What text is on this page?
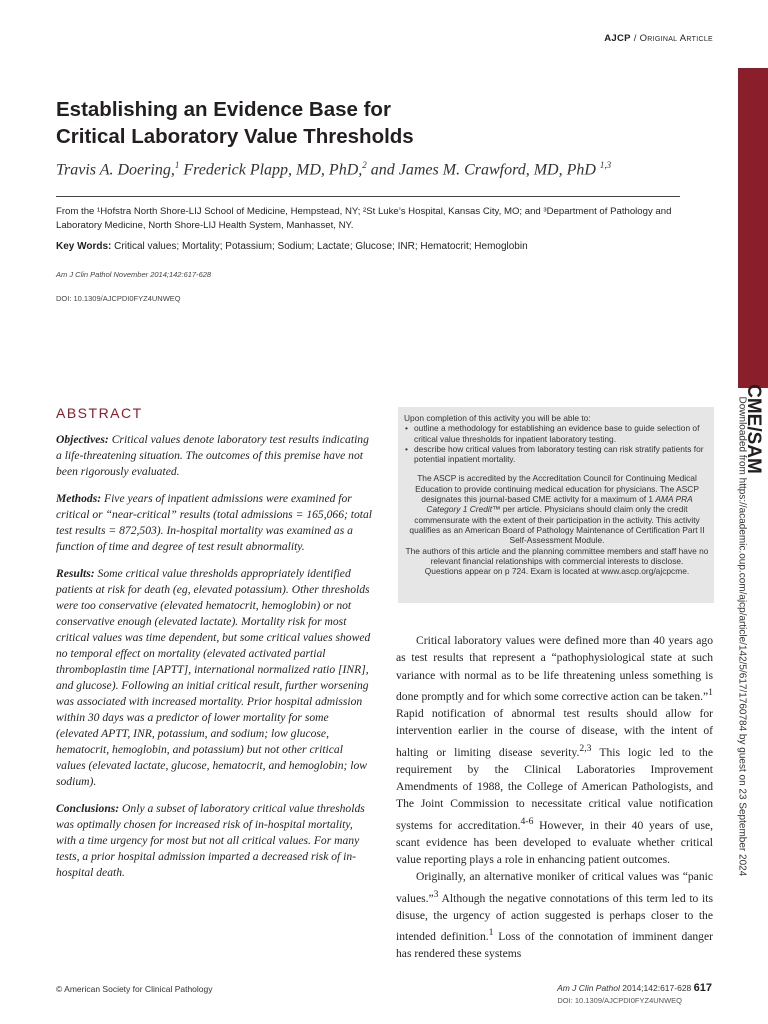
AJCP / Original Article
CME/SAM
Downloaded from https://academic.oup.com/ajcp/article/142/5/617/1760784 by guest on 23 September 2024
Establishing an Evidence Base for
Critical Laboratory Value Thresholds
Travis A. Doering,$^1$ Frederick Plapp, MD, PhD,$^2$ and James M. Crawford, MD, PhD $^{1,3}$
From the ¹Hofstra North Shore-LIJ School of Medicine, Hempstead, NY; ²St Luke’s Hospital, Kansas City, MO; and ³Department of Pathology and Laboratory Medicine, North Shore-LIJ Health System, Manhasset, NY.
Key Words: Critical values; Mortality; Potassium; Sodium; Lactate; Glucose; INR; Hematocrit; Hemoglobin
Am J Clin Pathol November 2014;142:617-628
DOI: 10.1309/AJCPDI0FYZ4UNWEQ
ABSTRACT

Objectives: Critical values denote laboratory test results indicating a life-threatening situation. The outcomes of this premise have not been rigorously evaluated.

Methods: Five years of inpatient admissions were examined for critical or “near-critical” results (total admissions = 165,066; total test results = 872,503). In-hospital mortality was examined as a function of time and degree of test result abnormality.

Results: Some critical value thresholds appropriately identified patients at risk for death (eg, elevated potassium). Other thresholds were too conservative (elevated hematocrit, hemoglobin) or not conservative enough (elevated lactate). Mortality risk for most critical values was time dependent, but some critical values showed no temporal effect on mortality (elevated activated partial thromboplastin time [APTT], international normalized ratio [INR], and glucose). Following an initial critical result, further worsening was associated with increased mortality. Prior hospital admission within 30 days was a predictor of lower mortality for some (elevated APTT, INR, potassium, and sodium; low glucose, hematocrit, hemoglobin, and potassium) but not other critical values (elevated lactate, glucose, hematocrit, and hemoglobin; low sodium).

Conclusions: Only a subset of laboratory critical value thresholds was optimally chosen for increased risk of in-hospital mortality, with a time urgency for most but not all critical values. For many tests, a prior hospital admission imparted a decreased risk of in-hospital death.

Upon completion of this activity you will be able to:

• outline a methodology for establishing an evidence base to guide selection of critical value thresholds for inpatient laboratory testing.
• describe how critical values from laboratory testing can risk stratify patients for potential inpatient mortality.

The ASCP is accredited by the Accreditation Council for Continuing Medical Education to provide continuing medical education for physicians. The ASCP designates this journal-based CME activity for a maximum of 1 AMA PRA Category 1 Credit™ per article. Physicians should claim only the credit commensurate with the extent of their participation in the activity. This activity qualifies as an American Board of Pathology Maintenance of Certification Part II Self-Assessment Module.

The authors of this article and the planning committee members and staff have no relevant financial relationships with commercial interests to disclose.

Questions appear on p 724. Exam is located at www.ascp.org/ajcpcme.

Critical laboratory values were defined more than 40 years ago as test results that represent a “pathophysiological state at such variance with normal as to be life threatening unless something is done promptly and for which some corrective action can be taken.”$^1$ Rapid notification of abnormal test results should allow for intervention earlier in the course of disease, with the intent of halting or limiting disease severity.$^{2,3}$ This logic led to the requirement by the Clinical Laboratories Improvement Amendments of 1988, the College of American Pathologists, and The Joint Commission to necessitate critical value notification systems for accreditation.$^{4-6}$ However, in their 40 years of use, scant evidence has been developed to evaluate whether critical value reporting plays a role in enhancing patient outcomes.

Originally, an alternative moniker of critical values was “panic values.”$^3$ Although the negative connotations of this term led to its disuse, the urgency of action suggested is perhaps closer to the intended definition.$^1$ Loss of the connotation of imminent danger has rendered these systems

© American Society for Clinical Pathology	Am J Clin Pathol 2014;142:617-628 617
DOI: 10.1309/AJCPDI0FYZ4UNWEQ
